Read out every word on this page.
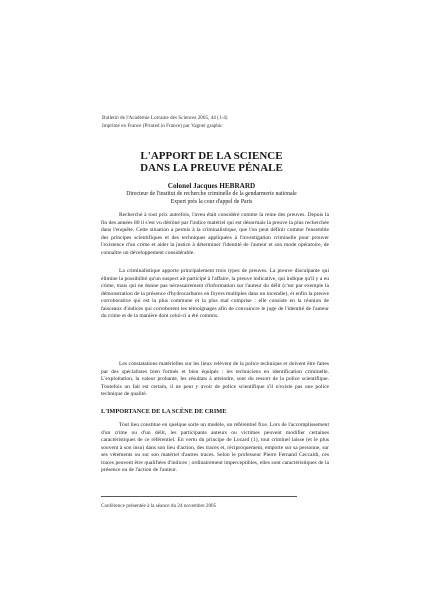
Bulletin de l'Académie Lorraine des Sciences 2005, 44 (1-4)
Imprimé en France (Printed in France) par Vagner graphic
L'APPORT DE LA SCIENCE
DANS LA PREUVE PÉNALE
Colonel Jacques HEBRARD
Directeur de l'institut de recherche criminelle de la gendarmerie nationale
Expert près la cour d'appel de Paris

Recherché à tout prix autrefois, l'aveu était considéré comme la reine des preuves. Depuis la fin des années 80 il s'est vu détrôné par l'indice matériel qui est désormais la preuve la plus recherchée dans l'enquête. Cette situation a permis à la criminalistique, que l'on peut définir comme l'ensemble des principes scientifiques et des techniques appliquées à l'investigation criminelle pour prouver l'existence d'un crime et aider la justice à déterminer l'identité de l'auteur et son mode opératoire, de connaître un développement considérable.

La criminalistique apporte principalement trois types de preuves. La preuve disculpante qui élimine la possibilité qu'un suspect ait participé à l'affaire, la preuve indicative, qui indique qu'il y a eu crime, mais qui ne donne pas nécessairement d'information sur l'auteur du délit (c'est par exemple la démonstration de la présence d'hydrocarbures en foyers multiples dans un incendie), et enfin la preuve corroborative qui est la plus commune et la plus mal comprise : elle consiste en la réunion de faisceaux d'indices qui corroborent les témoignages afin de convaincre le juge de l'identité de l'auteur du crime et de la manière dont celui-ci a été commis.

Les constatations matérielles sur les lieux relèvent de la police technique et doivent être faites par des spécialistes bien formés et bien équipés : les techniciens en identification criminelle. L'exploitation, la valeur probante, les résultats à atteindre, sont du ressort de la police scientifique. Toutefois un fait est certain, il ne peut y avoir de police scientifique s'il n'existe pas une police technique de qualité.

L'IMPORTANCE DE LA SCÈNE DE CRIME

Tout lieu constitue en quelque sorte un modèle, un référentiel fixe. Lors de l'accomplissement d'un crime ou d'un délit, les participants auteurs ou victimes peuvent modifier certaines caractéristiques de ce référentiel. En vertu du principe de Locard (1), tout criminel laisse (et le plus souvent à son insu) dans son lieu d'action, des traces et, réciproquement, emporte sur sa personne, sur ses vêtements ou sur son matériel d'autres traces. Selon le professeur Pierre Fernand Ceccaldi, ces traces peuvent être qualifiées d'indices ; ordinairement imperceptibles, elles sont caractéristiques de la présence ou de l'action de l'auteur.

Conférence présentée à la séance du 24 novembre 2005
